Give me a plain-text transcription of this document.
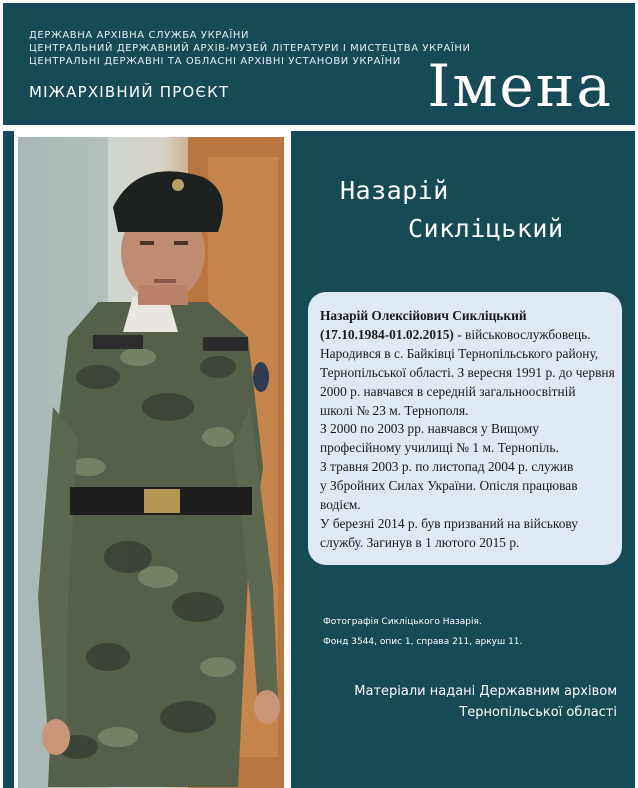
ДЕРЖАВНА АРХІВНА СЛУЖБА УКРАЇНИ
ЦЕНТРАЛЬНИЙ ДЕРЖАВНИЙ АРХІВ-МУЗЕЙ ЛІТЕРАТУРИ І МИСТЕЦТВА УКРАЇНИ
ЦЕНТРАЛЬНІ ДЕРЖАВНІ ТА ОБЛАСНІ АРХІВНІ УСТАНОВИ УКРАЇНИ
МІЖАРХІВНИЙ ПРОЄКТ	Імена
Назарій
Сиклiцький

Назарій Олексійович Сиклiцький

(17.10.1984-01.02.2015) - військовослужбовець.

Народився в с. Байківці Тернопільського району,

Тернопільської області. З вересня 1991 р. до червня

2000 р. навчався в середній загальноосвітній

школі № 23 м. Тернополя.

З 2000 по 2003 рр. навчався у Вищому

професійному училищі № 1 м. Тернопіль.

З травня 2003 р. по листопад 2004 р. служив

у Збройних Силах України. Опісля працював

водієм.

У березні 2014 р. був призваний на військову

службу. Загинув в 1 лютого 2015 р.

Фотографія Сиклiцького Назарія.
Фонд 3544, опис 1, справа 211, аркуш 11.
Матеріали надані Державним архівом
Тернопільської області
